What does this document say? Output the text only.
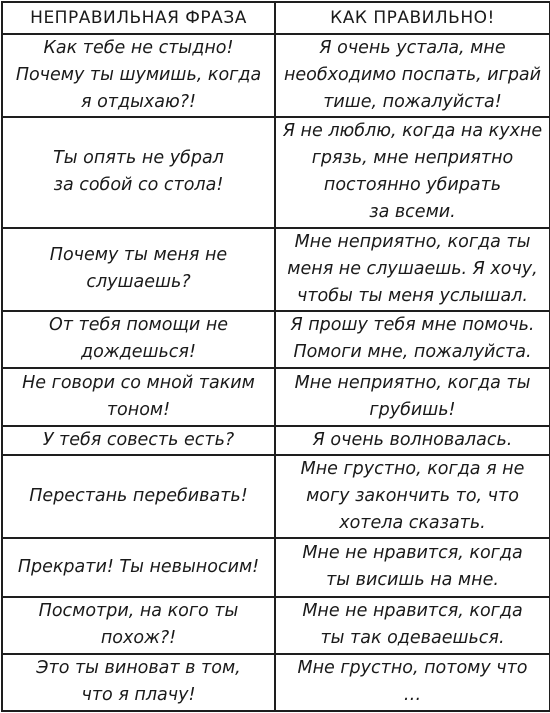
НЕПРАВИЛЬНАЯ ФРАЗА	КАК ПРАВИЛЬНО!

Как тебе не стыдно!
Почему ты шумишь, когда
я отдыхаю?!	Я очень устала, мне
необходимо поспать, играй
тише, пожалуйста!

Ты опять не убрал
за собой со стола!	Я не люблю, когда на кухне
грязь, мне неприятно
постоянно убирать
за всеми.

Почему ты меня не
слушаешь?	Мне неприятно, когда ты
меня не слушаешь. Я хочу,
чтобы ты меня услышал.

От тебя помощи не
дождешься!	Я прошу тебя мне помочь.
Помоги мне, пожалуйста.

Не говори со мной таким
тоном!	Мне неприятно, когда ты
грубишь!

У тебя совесть есть?	Я очень волновалась.

Перестань перебивать!	Мне грустно, когда я не
могу закончить то, что
хотела сказать.

Прекрати! Ты невыносим!	Мне не нравится, когда
ты висишь на мне.

Посмотри, на кого ты
похож?!	Мне не нравится, когда
ты так одеваешься.

Это ты виноват в том,
что я плачу!	Мне грустно, потому что
…
